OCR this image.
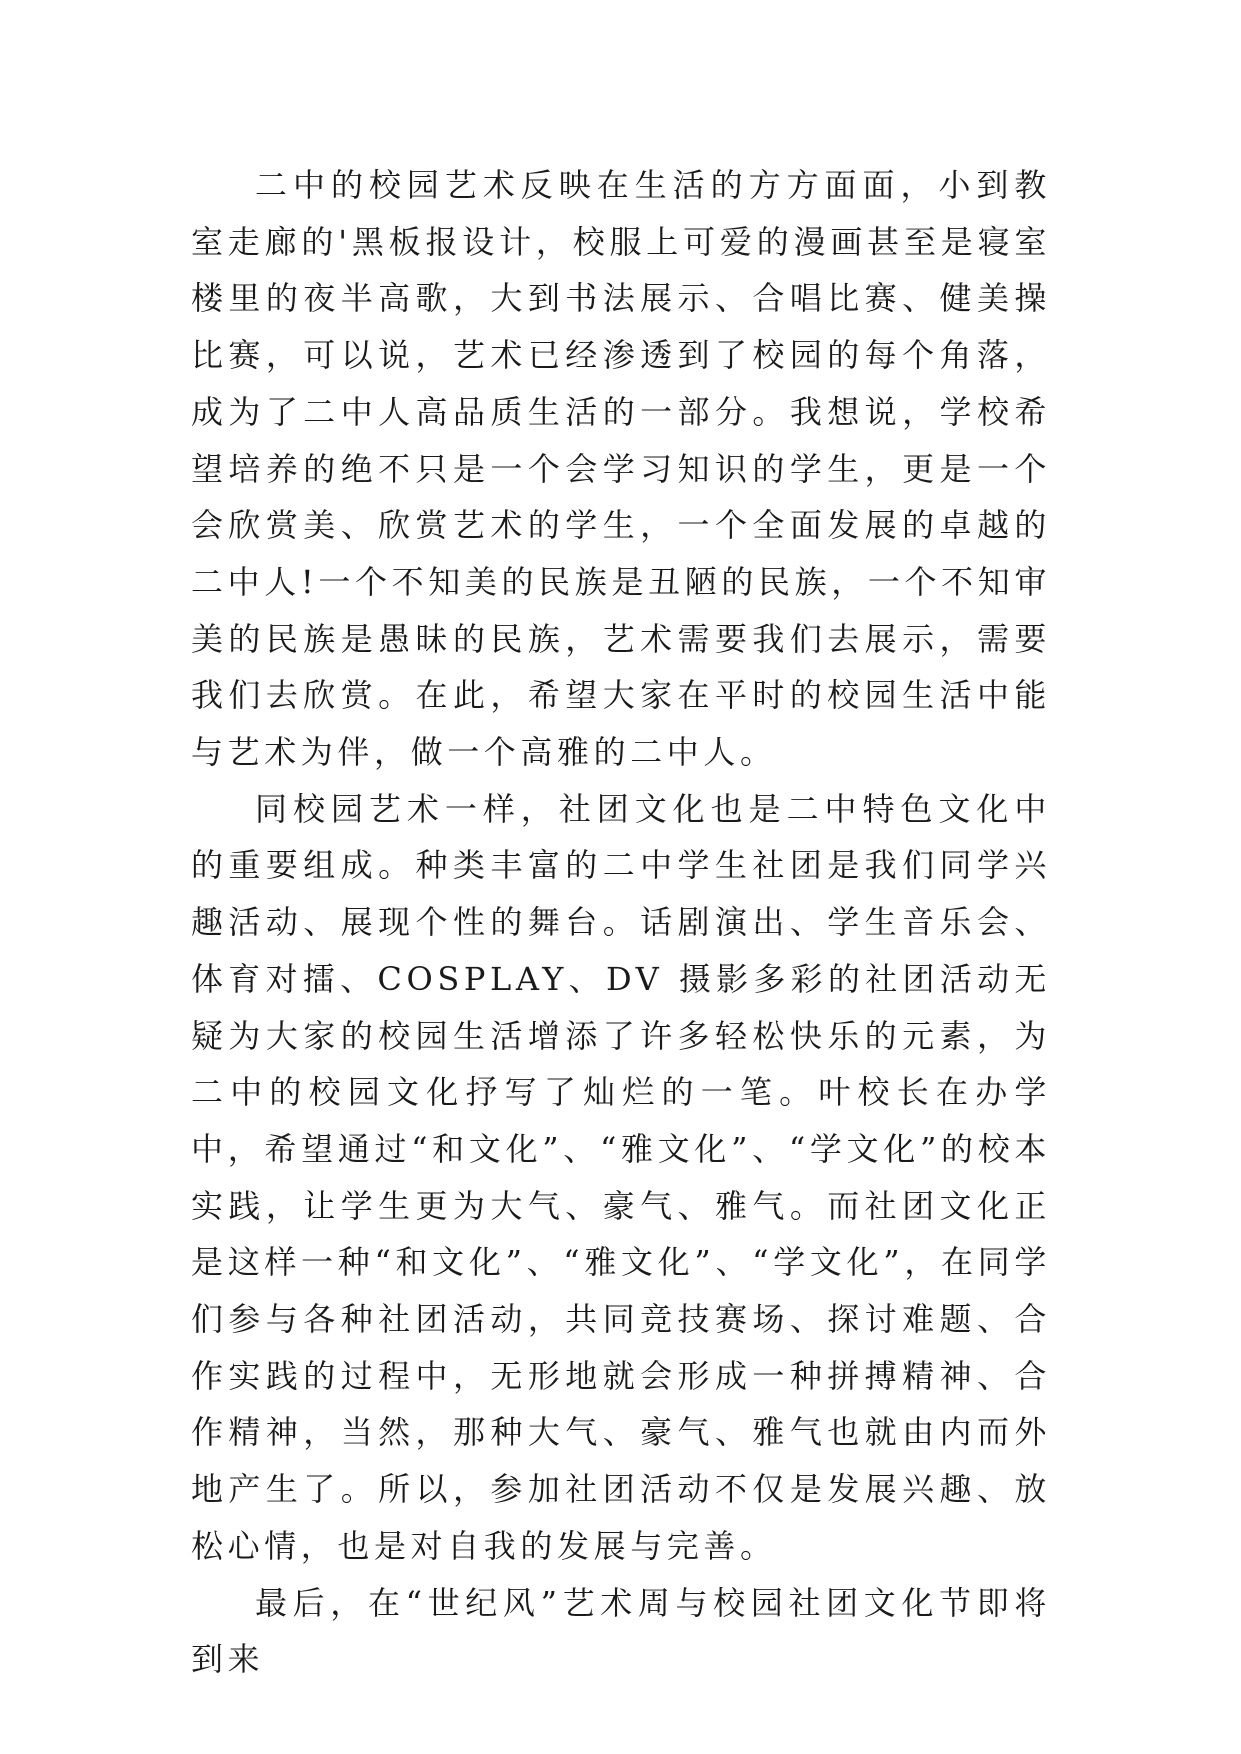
二中的校园艺术反映在生活的方方面面，小到教室走廊的'黑板报设计，校服上可爱的漫画甚至是寝室楼里的夜半高歌，大到书法展示、合唱比赛、健美操比赛，可以说，艺术已经渗透到了校园的每个角落，成为了二中人高品质生活的一部分。我想说，学校希望培养的绝不只是一个会学习知识的学生，更是一个会欣赏美、欣赏艺术的学生，一个全面发展的卓越的二中人!一个不知美的民族是丑陋的民族，一个不知审美的民族是愚昧的民族，艺术需要我们去展示，需要我们去欣赏。在此，希望大家在平时的校园生活中能与艺术为伴，做一个高雅的二中人。

同校园艺术一样，社团文化也是二中特色文化中的重要组成。种类丰富的二中学生社团是我们同学兴趣活动、展现个性的舞台。话剧演出、学生音乐会、体育对擂、COSPLAY、DV 摄影多彩的社团活动无疑为大家的校园生活增添了许多轻松快乐的元素，为二中的校园文化抒写了灿烂的一笔。叶校长在办学中，希望通过“和文化”、“雅文化”、“学文化”的校本实践，让学生更为大气、豪气、雅气。而社团文化正是这样一种“和文化”、“雅文化”、“学文化”，在同学们参与各种社团活动，共同竞技赛场、探讨难题、合作实践的过程中，无形地就会形成一种拼搏精神、合作精神，当然，那种大气、豪气、雅气也就由内而外地产生了。所以，参加社团活动不仅是发展兴趣、放松心情，也是对自我的发展与完善。

最后，在“世纪风”艺术周与校园社团文化节即将到来
